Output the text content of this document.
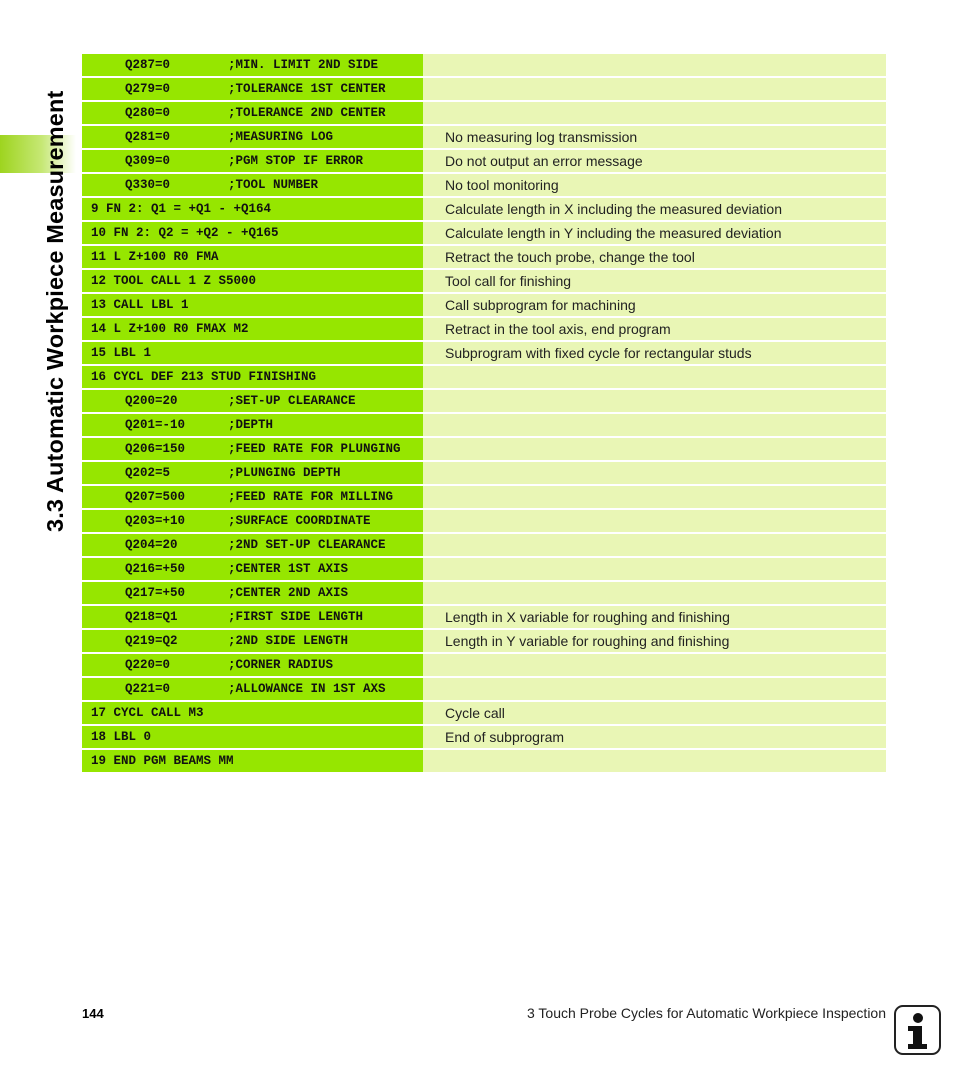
3.3 Automatic Workpiece Measurement
Q287=0	;MIN. LIMIT 2ND SIDE
Q279=0	;TOLERANCE 1ST CENTER
Q280=0	;TOLERANCE 2ND CENTER
Q281=0	;MEASURING LOG	No measuring log transmission
Q309=0	;PGM STOP IF ERROR	Do not output an error message
Q330=0	;TOOL NUMBER	No tool monitoring
9 FN 2: Q1 = +Q1 - +Q164	Calculate length in X including the measured deviation
10 FN 2: Q2 = +Q2 - +Q165	Calculate length in Y including the measured deviation
11 L Z+100 R0 FMA	Retract the touch probe, change the tool
12 TOOL CALL 1 Z S5000	Tool call for finishing
13 CALL LBL 1	Call subprogram for machining
14 L Z+100 R0 FMAX M2	Retract in the tool axis, end program
15 LBL 1	Subprogram with fixed cycle for rectangular studs
16 CYCL DEF 213 STUD FINISHING
Q200=20	;SET-UP CLEARANCE
Q201=-10	;DEPTH
Q206=150	;FEED RATE FOR PLUNGING
Q202=5	;PLUNGING DEPTH
Q207=500	;FEED RATE FOR MILLING
Q203=+10	;SURFACE COORDINATE
Q204=20	;2ND SET-UP CLEARANCE
Q216=+50	;CENTER 1ST AXIS
Q217=+50	;CENTER 2ND AXIS
Q218=Q1	;FIRST SIDE LENGTH	Length in X variable for roughing and finishing
Q219=Q2	;2ND SIDE LENGTH	Length in Y variable for roughing and finishing
Q220=0	;CORNER RADIUS
Q221=0	;ALLOWANCE IN 1ST AXS
17 CYCL CALL M3	Cycle call
18 LBL 0	End of subprogram
19 END PGM BEAMS MM
144	3 Touch Probe Cycles for Automatic Workpiece Inspection
